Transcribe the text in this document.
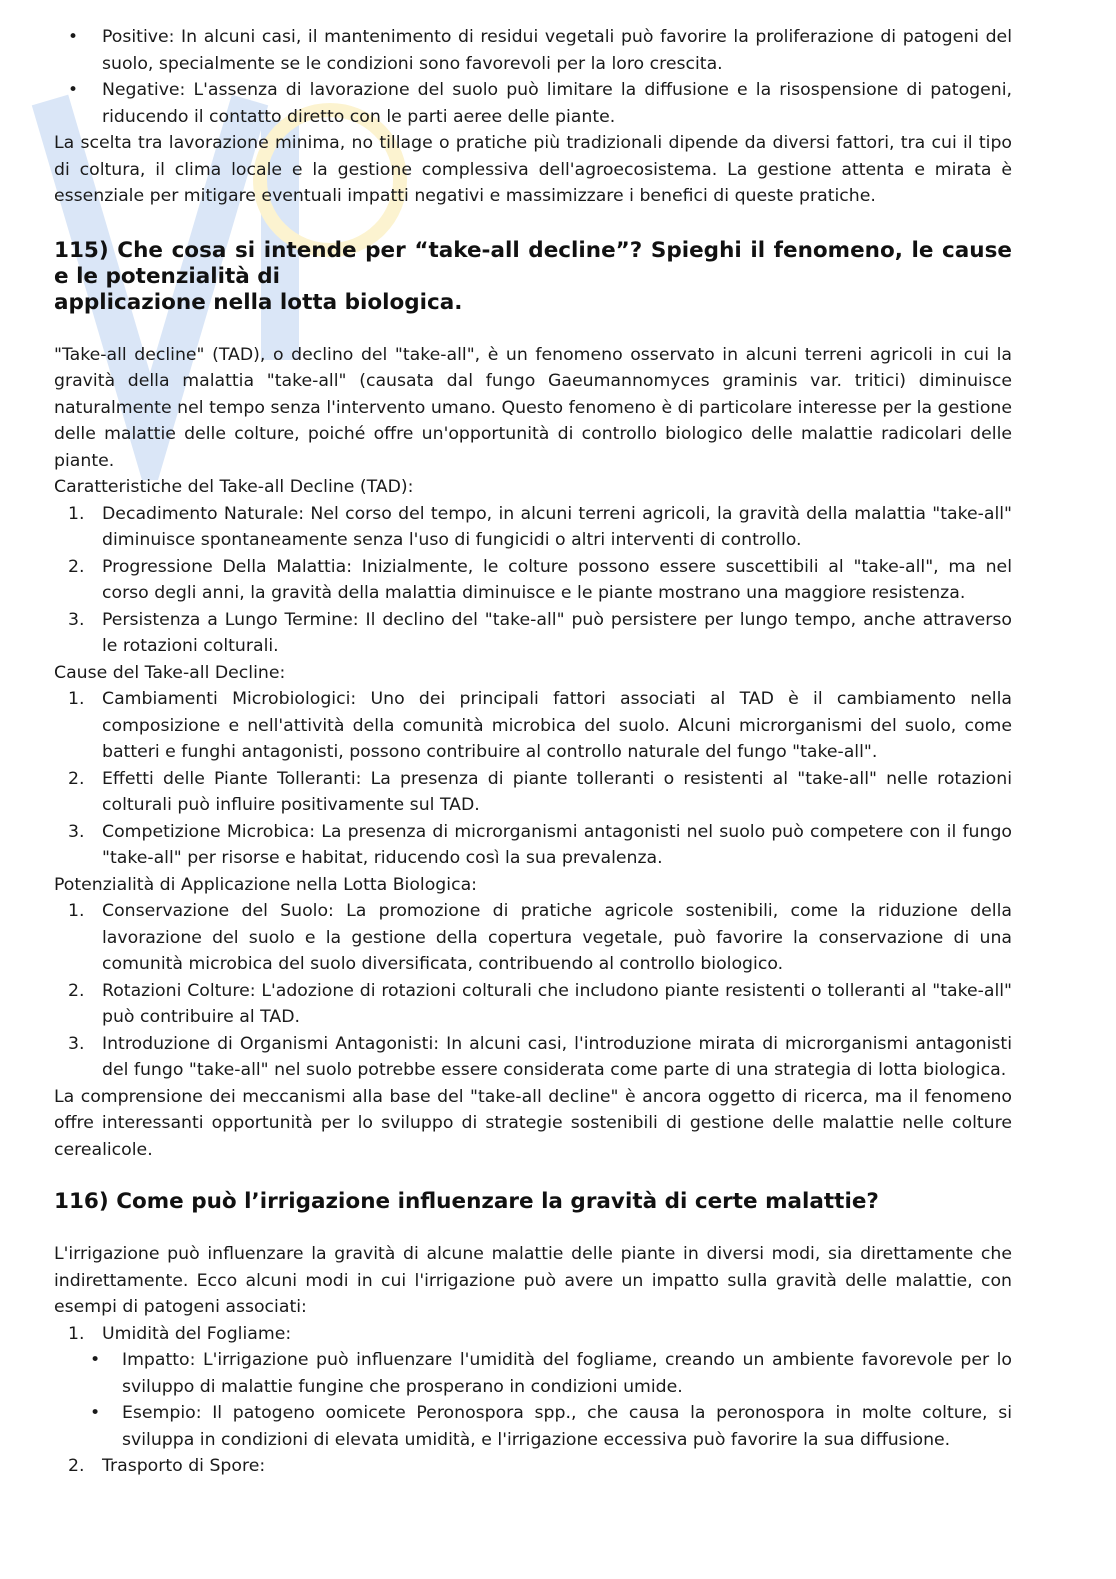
• Positive: In alcuni casi, il mantenimento di residui vegetali può favorire la proliferazione di patogeni del suolo, specialmente se le condizioni sono favorevoli per la loro crescita.
• Negative: L'assenza di lavorazione del suolo può limitare la diffusione e la risospensione di patogeni, riducendo il contatto diretto con le parti aeree delle piante.

La scelta tra lavorazione minima, no tillage o pratiche più tradizionali dipende da diversi fattori, tra cui il tipo di coltura, il clima locale e la gestione complessiva dell'agroecosistema. La gestione attenta e mirata è essenziale per mitigare eventuali impatti negativi e massimizzare i benefici di queste pratiche.

115) Che cosa si intende per “take-all decline”? Spieghi il fenomeno, le cause e le potenzialità di
applicazione nella lotta biologica.

"Take-all decline" (TAD), o declino del "take-all", è un fenomeno osservato in alcuni terreni agricoli in cui la gravità della malattia "take-all" (causata dal fungo Gaeumannomyces graminis var. tritici) diminuisce naturalmente nel tempo senza l'intervento umano. Questo fenomeno è di particolare interesse per la gestione delle malattie delle colture, poiché offre un'opportunità di controllo biologico delle malattie radicolari delle piante.

Caratteristiche del Take-all Decline (TAD):

1. Decadimento Naturale: Nel corso del tempo, in alcuni terreni agricoli, la gravità della malattia "take-all" diminuisce spontaneamente senza l'uso di fungicidi o altri interventi di controllo.
2. Progressione Della Malattia: Inizialmente, le colture possono essere suscettibili al "take-all", ma nel corso degli anni, la gravità della malattia diminuisce e le piante mostrano una maggiore resistenza.
3. Persistenza a Lungo Termine: Il declino del "take-all" può persistere per lungo tempo, anche attraverso le rotazioni colturali.

Cause del Take-all Decline:

1. Cambiamenti Microbiologici: Uno dei principali fattori associati al TAD è il cambiamento nella composizione e nell'attività della comunità microbica del suolo. Alcuni microrganismi del suolo, come batteri e funghi antagonisti, possono contribuire al controllo naturale del fungo "take-all".
2. Effetti delle Piante Tolleranti: La presenza di piante tolleranti o resistenti al "take-all" nelle rotazioni colturali può influire positivamente sul TAD.
3. Competizione Microbica: La presenza di microrganismi antagonisti nel suolo può competere con il fungo "take-all" per risorse e habitat, riducendo così la sua prevalenza.

Potenzialità di Applicazione nella Lotta Biologica:

1. Conservazione del Suolo: La promozione di pratiche agricole sostenibili, come la riduzione della lavorazione del suolo e la gestione della copertura vegetale, può favorire la conservazione di una comunità microbica del suolo diversificata, contribuendo al controllo biologico.
2. Rotazioni Colture: L'adozione di rotazioni colturali che includono piante resistenti o tolleranti al "take-all" può contribuire al TAD.
3. Introduzione di Organismi Antagonisti: In alcuni casi, l'introduzione mirata di microrganismi antagonisti del fungo "take-all" nel suolo potrebbe essere considerata come parte di una strategia di lotta biologica.

La comprensione dei meccanismi alla base del "take-all decline" è ancora oggetto di ricerca, ma il fenomeno offre interessanti opportunità per lo sviluppo di strategie sostenibili di gestione delle malattie nelle colture cerealicole.

116) Come può l’irrigazione influenzare la gravità di certe malattie?

L'irrigazione può influenzare la gravità di alcune malattie delle piante in diversi modi, sia direttamente che indirettamente. Ecco alcuni modi in cui l'irrigazione può avere un impatto sulla gravità delle malattie, con esempi di patogeni associati:

1. Umidità del Fogliame:
• Impatto: L'irrigazione può influenzare l'umidità del fogliame, creando un ambiente favorevole per lo sviluppo di malattie fungine che prosperano in condizioni umide.
• Esempio: Il patogeno oomicete Peronospora spp., che causa la peronospora in molte colture, si sviluppa in condizioni di elevata umidità, e l'irrigazione eccessiva può favorire la sua diffusione.
2. Trasporto di Spore:
